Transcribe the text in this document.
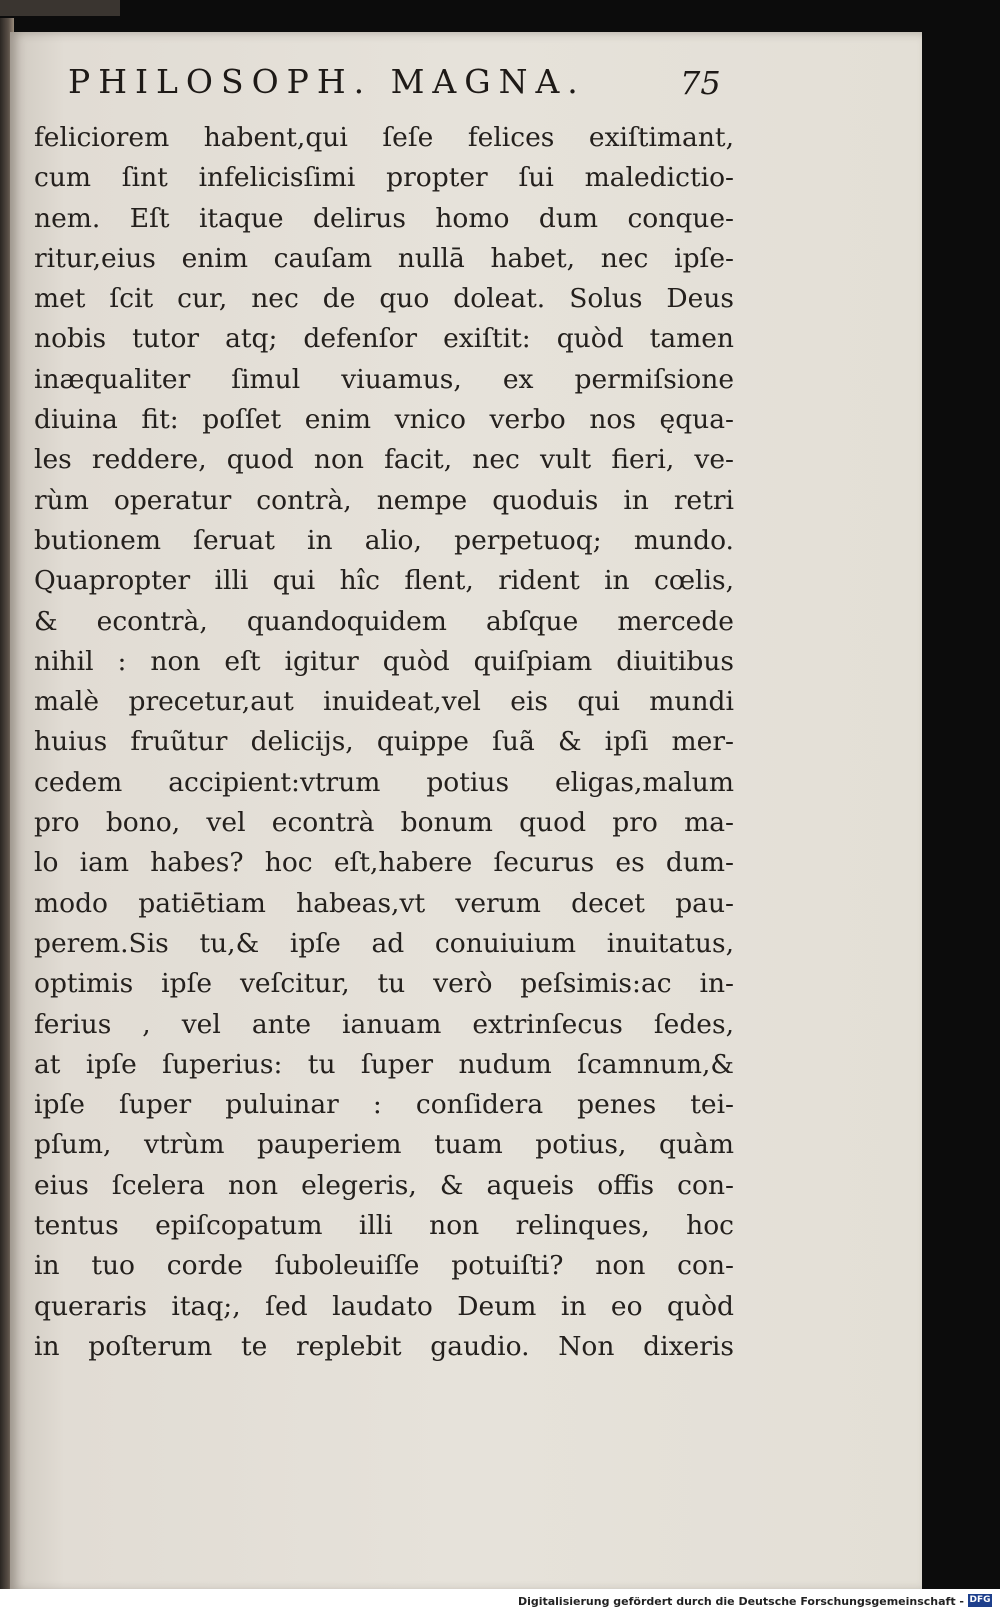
PHILOSOPH. MAGNA.	75
feliciorem habent,qui ſeſe felices exiſtimant,
cum ſint infelicisſimi propter ſui maledictio-
nem. Eſt itaque delirus homo dum conque-
ritur,eius enim cauſam nullā habet, nec ipſe-
met ſcit cur, nec de quo doleat. Solus Deus
nobis tutor atq; defenſor exiſtit: quòd tamen
inæqualiter ſimul viuamus, ex permiſsione
diuina fit: poſſet enim vnico verbo nos ęqua-
les reddere, quod non facit, nec vult fieri, ve-
rùm operatur contrà, nempe quoduis in retri
butionem ſeruat in alio, perpetuoq; mundo.
Quapropter illi qui hîc flent, rident in cœlis,
& econtrà, quandoquidem abſque mercede
nihil : non eſt igitur quòd quiſpiam diuitibus
malè precetur,aut inuideat,vel eis qui mundi
huius fruũtur delicijs, quippe ſuã & ipſi mer-
cedem accipient:vtrum potius eligas,malum
pro bono, vel econtrà bonum quod pro ma-
lo iam habes? hoc eſt,habere ſecurus es dum-
modo patiētiam habeas,vt verum decet pau-
perem.Sis tu,& ipſe ad conuiuium inuitatus,
optimis ipſe veſcitur, tu verò peſsimis:ac in-
ferius , vel ante ianuam extrinſecus ſedes,
at ipſe ſuperius: tu ſuper nudum ſcamnum,&
ipſe ſuper puluinar : conſidera penes tei-
pſum, vtrùm pauperiem tuam potius, quàm
eius ſcelera non elegeris, & aqueis offis con-
tentus epiſcopatum illi non relinques, hoc
in tuo corde ſuboleuiſſe potuiſti? non con-
queraris itaq;, ſed laudato Deum in eo quòd
in poſterum te replebit gaudio. Non dixeris
Digitalisierung gefördert durch die Deutsche Forschungsgemeinschaft - DFG
